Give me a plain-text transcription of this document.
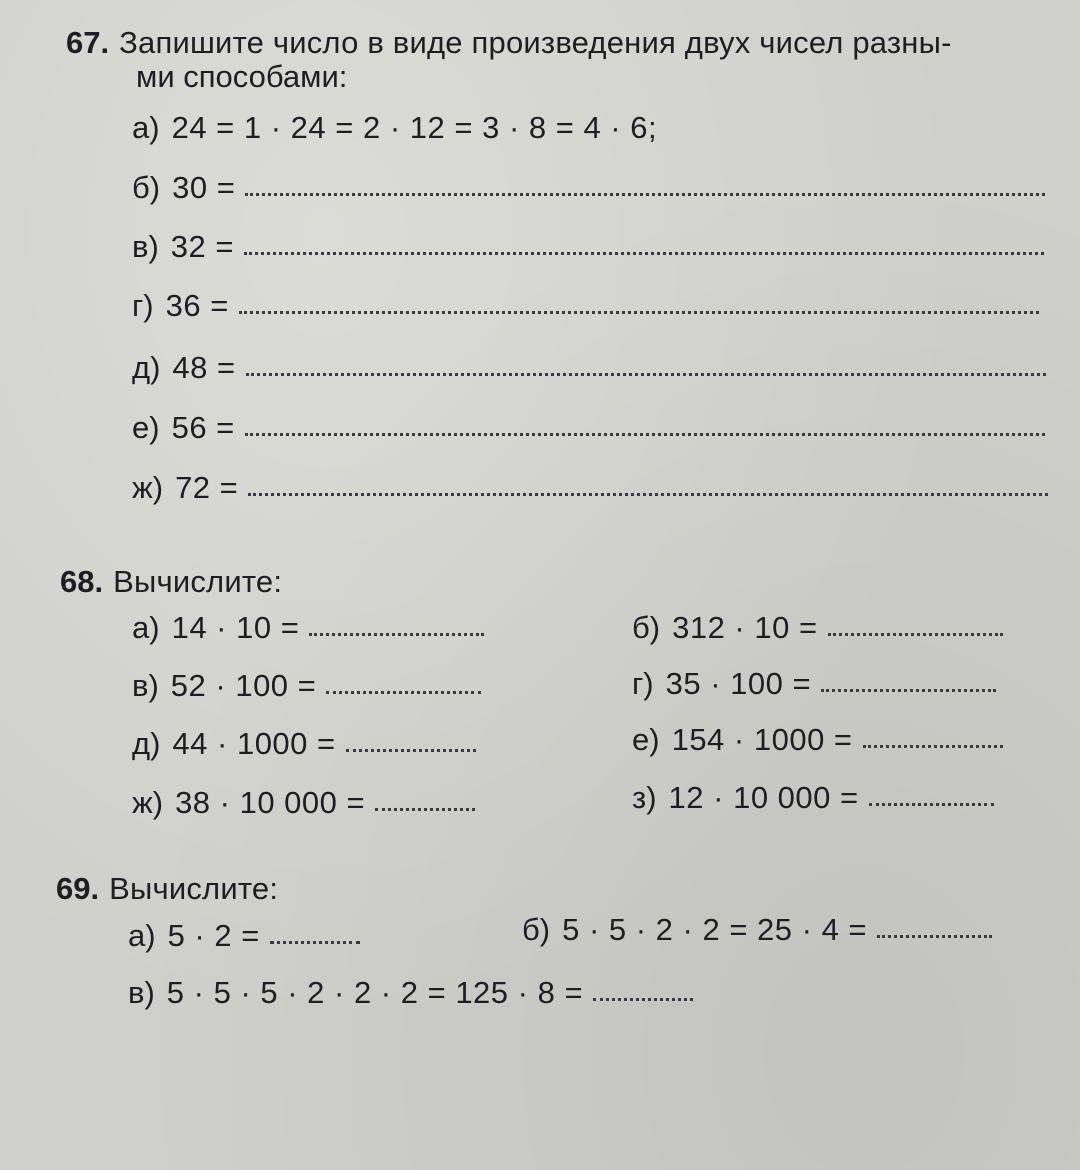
67. Запишите число в виде произведения двух чисел разны-
ми способами:
а) 24 = 1 · 24 = 2 · 12 = 3 · 8 = 4 · 6;
б) 30 =
в) 32 =
г) 36 =
д) 48 =
е) 56 =
ж) 72 =
68. Вычислите:
а) 14 · 10 =	б) 312 · 10 =
в) 52 · 100 =	г) 35 · 100 =
д) 44 · 1000 =	е) 154 · 1000 =
ж) 38 · 10 000 =	з) 12 · 10 000 =
69. Вычислите:
а) 5 · 2 =	б) 5 · 5 · 2 · 2 = 25 · 4 =
в) 5 · 5 · 5 · 2 · 2 · 2 = 125 · 8 =
